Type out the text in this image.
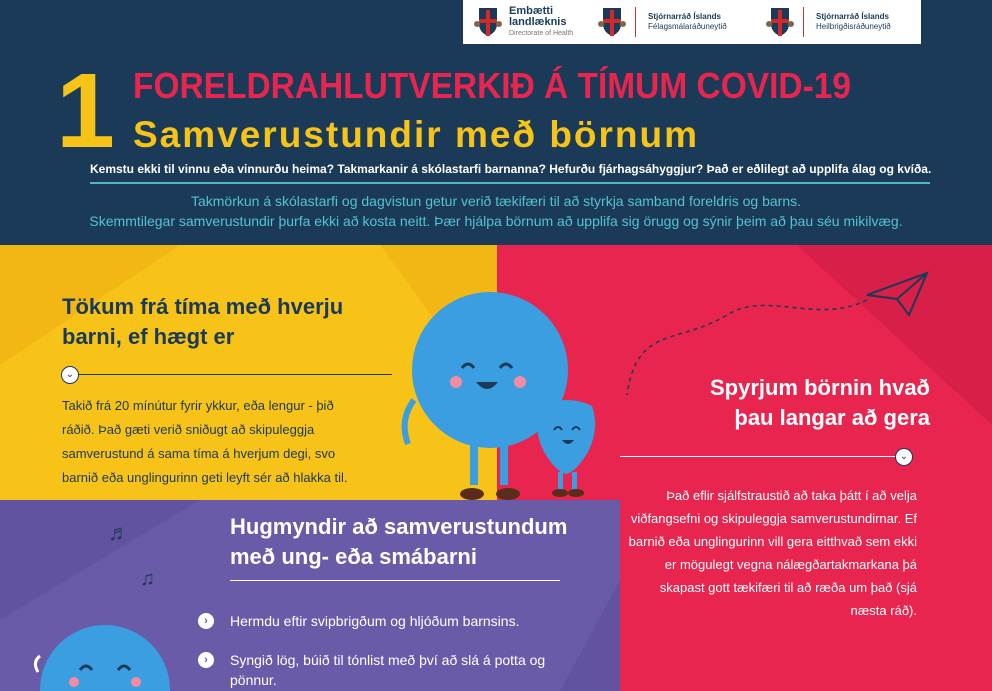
Embætti
landlæknis
Directorate of Health
Stjórnarráð Íslands
Félagsmálaráðuneytið
Stjórnarráð Íslands
Heilbrigðisráðuneytið
1 FORELDRAHLUTVERKIÐ Á TÍMUM COVID-19
Samverustundir með börnum
Kemstu ekki til vinnu eða vinnurðu heima? Takmarkanir á skólastarfi barnanna? Hefurðu fjárhagsáhyggjur? Það er eðlilegt að upplifa álag og kvíða.
Takmörkun á skólastarfi og dagvistun getur verið tækifæri til að styrkja samband foreldris og barns.
Skemmtilegar samverustundir þurfa ekki að kosta neitt. Þær hjálpa börnum að upplifa sig örugg og sýnir þeim að þau séu mikilvæg.
Tökum frá tíma með hverju barni, ef hægt er
⌄
Takið frá 20 mínútur fyrir ykkur, eða lengur - þið ráðið. Það gæti verið sniðugt að skipuleggja samverustund á sama tíma á hverjum degi, svo barnið eða unglingurinn geti leyft sér að hlakka til.
Spyrjum börnin hvað þau langar að gera
⌄
Það eflir sjálfstraustið að taka þátt í að velja viðfangsefni og skipuleggja samverustundirnar. Ef barnið eða unglingurinn vill gera eitthvað sem ekki er mögulegt vegna nálægðartakmarkana þá skapast gott tækifæri til að ræða um það (sjá næsta ráð).
♬
♫
Hugmyndir að samverustundum með ung- eða smábarni
›	Hermdu eftir svipbrigðum og hljóðum barnsins.
›	Syngið lög, búið til tónlist með því að slá á potta og pönnur.
